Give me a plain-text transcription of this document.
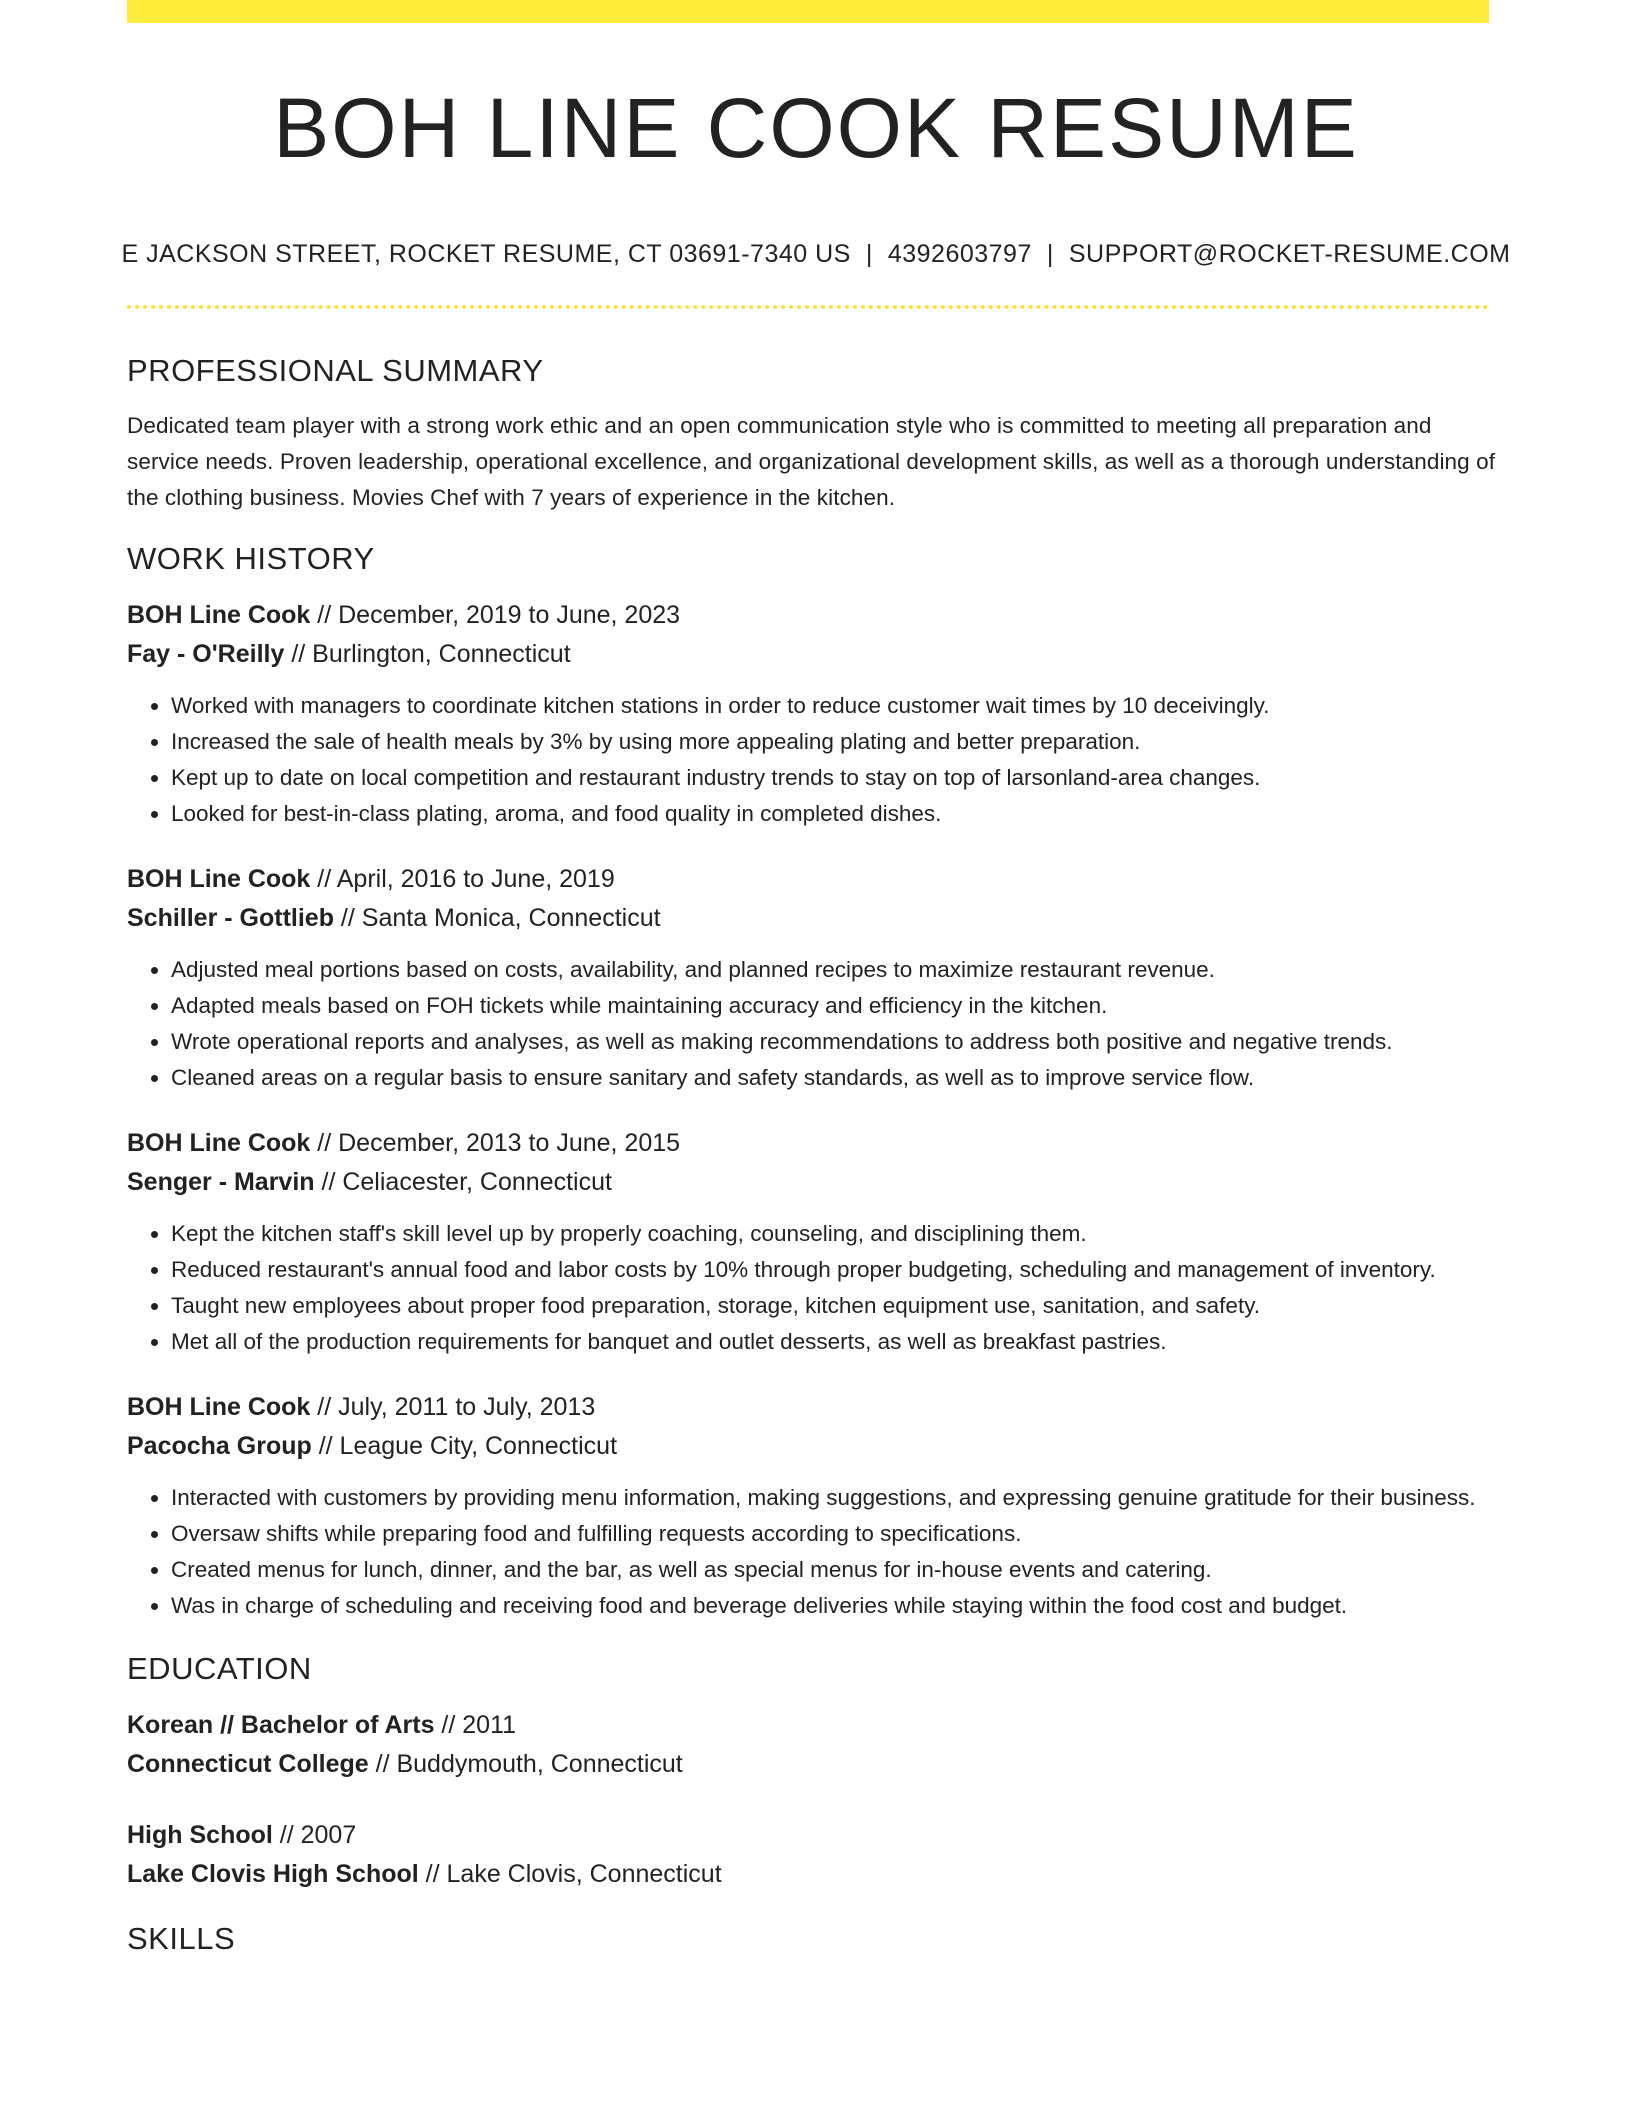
BOH LINE COOK RESUME
E JACKSON STREET, ROCKET RESUME, CT 03691-7340 US | 4392603797 | SUPPORT@ROCKET-RESUME.COM
PROFESSIONAL SUMMARY

Dedicated team player with a strong work ethic and an open communication style who is committed to meeting all preparation and service needs. Proven leadership, operational excellence, and organizational development skills, as well as a thorough understanding of the clothing business. Movies Chef with 7 years of experience in the kitchen.

WORK HISTORY
BOH Line Cook // December, 2019 to June, 2023
Fay - O'Reilly // Burlington, Connecticut
• Worked with managers to coordinate kitchen stations in order to reduce customer wait times by 10 deceivingly.
• Increased the sale of health meals by 3% by using more appealing plating and better preparation.
• Kept up to date on local competition and restaurant industry trends to stay on top of larsonland-area changes.
• Looked for best-in-class plating, aroma, and food quality in completed dishes.
BOH Line Cook // April, 2016 to June, 2019
Schiller - Gottlieb // Santa Monica, Connecticut
• Adjusted meal portions based on costs, availability, and planned recipes to maximize restaurant revenue.
• Adapted meals based on FOH tickets while maintaining accuracy and efficiency in the kitchen.
• Wrote operational reports and analyses, as well as making recommendations to address both positive and negative trends.
• Cleaned areas on a regular basis to ensure sanitary and safety standards, as well as to improve service flow.
BOH Line Cook // December, 2013 to June, 2015
Senger - Marvin // Celiacester, Connecticut
• Kept the kitchen staff's skill level up by properly coaching, counseling, and disciplining them.
• Reduced restaurant's annual food and labor costs by 10% through proper budgeting, scheduling and management of inventory.
• Taught new employees about proper food preparation, storage, kitchen equipment use, sanitation, and safety.
• Met all of the production requirements for banquet and outlet desserts, as well as breakfast pastries.
BOH Line Cook // July, 2011 to July, 2013
Pacocha Group // League City, Connecticut
• Interacted with customers by providing menu information, making suggestions, and expressing genuine gratitude for their business.
• Oversaw shifts while preparing food and fulfilling requests according to specifications.
• Created menus for lunch, dinner, and the bar, as well as special menus for in-house events and catering.
• Was in charge of scheduling and receiving food and beverage deliveries while staying within the food cost and budget.
EDUCATION
Korean // Bachelor of Arts // 2011
Connecticut College // Buddymouth, Connecticut
High School // 2007
Lake Clovis High School // Lake Clovis, Connecticut
SKILLS
